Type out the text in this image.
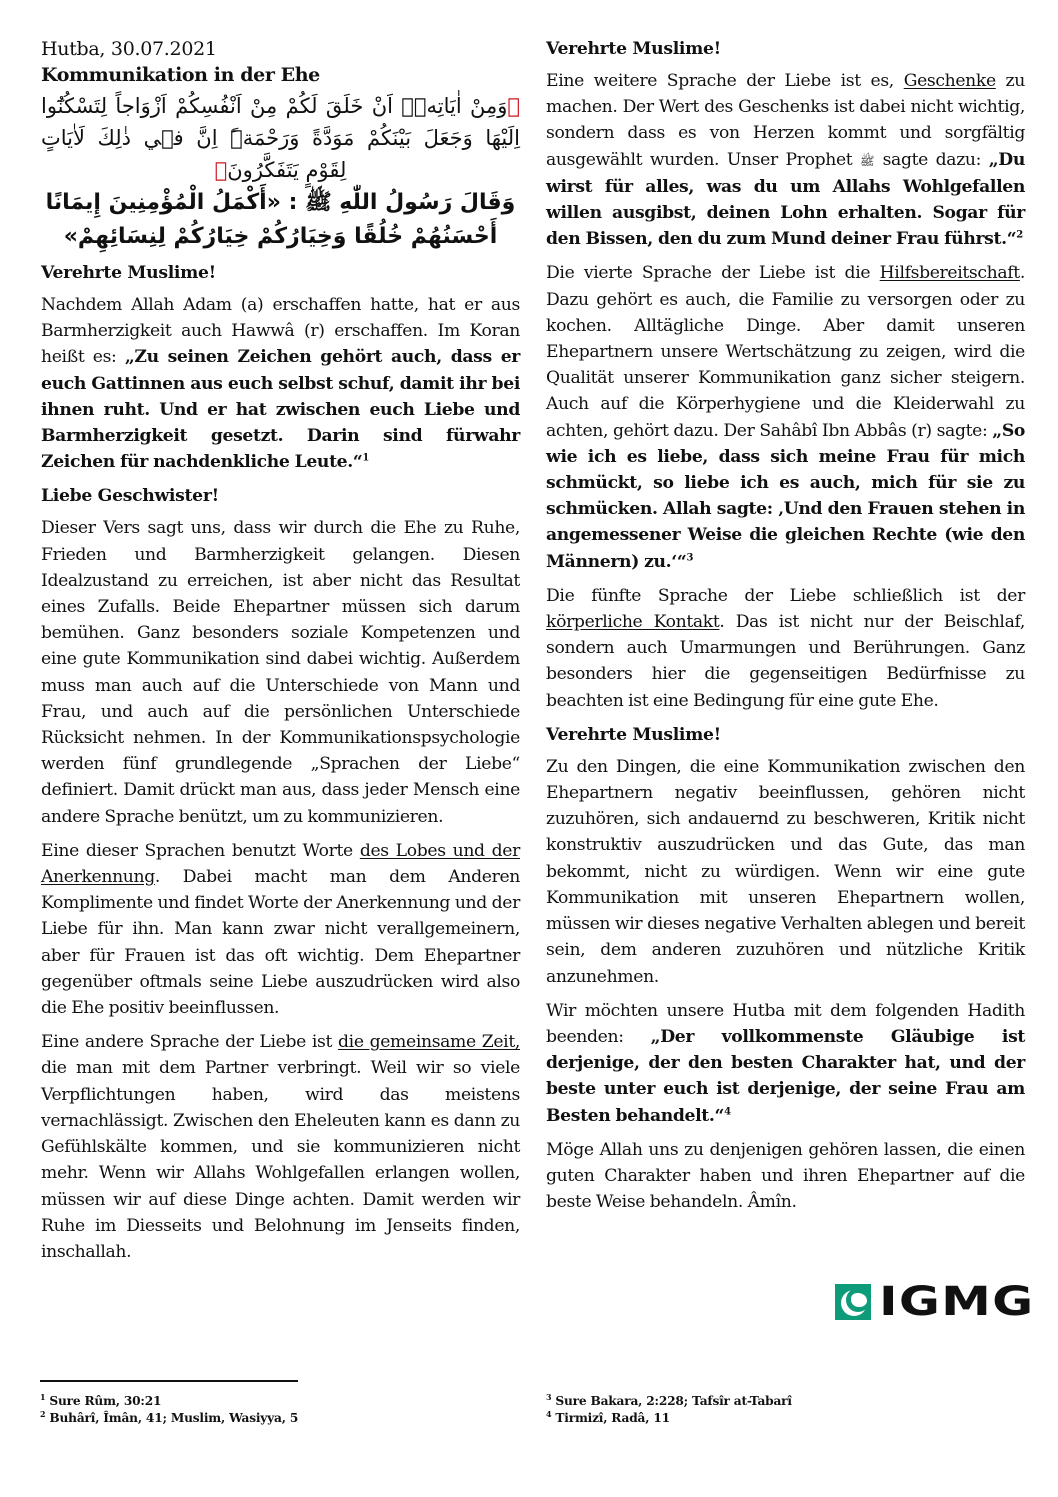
Hutba, 30.07.2021
Kommunikation in der Ehe
﴿وَمِنْ اٰيَاتِه۪ۤ اَنْ خَلَقَ لَكُمْ مِنْ اَنْفُسِكُمْ اَزْوَاجاً لِتَسْكُنُٓوا اِلَيْهَا وَجَعَلَ بَيْنَكُمْ مَوَدَّةً وَرَحْمَةًۜ اِنَّ ف۪ي ذٰلِكَ لَاٰيَاتٍ لِقَوْمٍ يَتَفَكَّرُونَ﴾
وَقَالَ رَسُولُ اللّٰهِ ﷺ : «أَكْمَلُ الْمُؤْمِنِينَ إِيمَانًا أَحْسَنُهُمْ خُلُقًا وَخِيَارُكُمْ خِيَارُكُمْ لِنِسَائِهِمْ»
Verehrte Muslime!

Nachdem Allah Adam (a) erschaffen hatte, hat er aus Barmherzigkeit auch Hawwâ (r) erschaffen. Im Koran heißt es: „Zu seinen Zeichen gehört auch, dass er euch Gattinnen aus euch selbst schuf, damit ihr bei ihnen ruht. Und er hat zwischen euch Liebe und Barmherzigkeit gesetzt. Darin sind fürwahr Zeichen für nachdenkliche Leute.“$^1$

Liebe Geschwister!

Dieser Vers sagt uns, dass wir durch die Ehe zu Ruhe, Frieden und Barmherzigkeit gelangen. Diesen Idealzustand zu erreichen, ist aber nicht das Resultat eines Zufalls. Beide Ehepartner müssen sich darum bemühen. Ganz besonders soziale Kompetenzen und eine gute Kommunikation sind dabei wichtig. Außerdem muss man auch auf die Unterschiede von Mann und Frau, und auch auf die persönlichen Unterschiede Rücksicht nehmen. In der Kommunikationspsychologie werden fünf grundlegende „Sprachen der Liebe“ definiert. Damit drückt man aus, dass jeder Mensch eine andere Sprache benützt, um zu kommunizieren.

Eine dieser Sprachen benutzt Worte des Lobes und der Anerkennung. Dabei macht man dem Anderen Komplimente und findet Worte der Anerkennung und der Liebe für ihn. Man kann zwar nicht verallgemeinern, aber für Frauen ist das oft wichtig. Dem Ehepartner gegenüber oftmals seine Liebe auszudrücken wird also die Ehe positiv beeinflussen.

Eine andere Sprache der Liebe ist die gemeinsame Zeit, die man mit dem Partner verbringt. Weil wir so viele Verpflichtungen haben, wird das meistens vernachlässigt. Zwischen den Eheleuten kann es dann zu Gefühlskälte kommen, und sie kommunizieren nicht mehr. Wenn wir Allahs Wohlgefallen erlangen wollen, müssen wir auf diese Dinge achten. Damit werden wir Ruhe im Diesseits und Belohnung im Jenseits finden, inschallah.

Verehrte Muslime!

Eine weitere Sprache der Liebe ist es, Geschenke zu machen. Der Wert des Geschenks ist dabei nicht wichtig, sondern dass es von Herzen kommt und sorgfältig ausgewählt wurden. Unser Prophet ﷺ sagte dazu: „Du wirst für alles, was du um Allahs Wohlgefallen willen ausgibst, deinen Lohn erhalten. Sogar für den Bissen, den du zum Mund deiner Frau führst.“$^2$

Die vierte Sprache der Liebe ist die Hilfsbereitschaft. Dazu gehört es auch, die Familie zu versorgen oder zu kochen. Alltägliche Dinge. Aber damit unseren Ehepartnern unsere Wertschätzung zu zeigen, wird die Qualität unserer Kommunikation ganz sicher steigern. Auch auf die Körperhygiene und die Kleiderwahl zu achten, gehört dazu. Der Sahâbî Ibn Abbâs (r) sagte: „So wie ich es liebe, dass sich meine Frau für mich schmückt, so liebe ich es auch, mich für sie zu schmücken. Allah sagte: ‚Und den Frauen stehen in angemessener Weise die gleichen Rechte (wie den Männern) zu.‘“$^3$

Die fünfte Sprache der Liebe schließlich ist der körperliche Kontakt. Das ist nicht nur der Beischlaf, sondern auch Umarmungen und Berührungen. Ganz besonders hier die gegenseitigen Bedürfnisse zu beachten ist eine Bedingung für eine gute Ehe.

Verehrte Muslime!

Zu den Dingen, die eine Kommunikation zwischen den Ehepartnern negativ beeinflussen, gehören nicht zuzuhören, sich andauernd zu beschweren, Kritik nicht konstruktiv auszudrücken und das Gute, das man bekommt, nicht zu würdigen. Wenn wir eine gute Kommunikation mit unseren Ehepartnern wollen, müssen wir dieses negative Verhalten ablegen und bereit sein, dem anderen zuzuhören und nützliche Kritik anzunehmen.

Wir möchten unsere Hutba mit dem folgenden Hadith beenden: „Der vollkommenste Gläubige ist derjenige, der den besten Charakter hat, und der beste unter euch ist derjenige, der seine Frau am Besten behandelt.“$^4$

Möge Allah uns zu denjenigen gehören lassen, die einen guten Charakter haben und ihren Ehepartner auf die beste Weise behandeln. Âmîn.

IGMG
$^1$ Sure Rûm, 30:21
$^2$ Buhârî, Îmân, 41; Muslim, Wasiyya, 5
$^3$ Sure Bakara, 2:228; Tafsîr at-Tabarî
$^4$ Tirmizî, Radâ, 11
